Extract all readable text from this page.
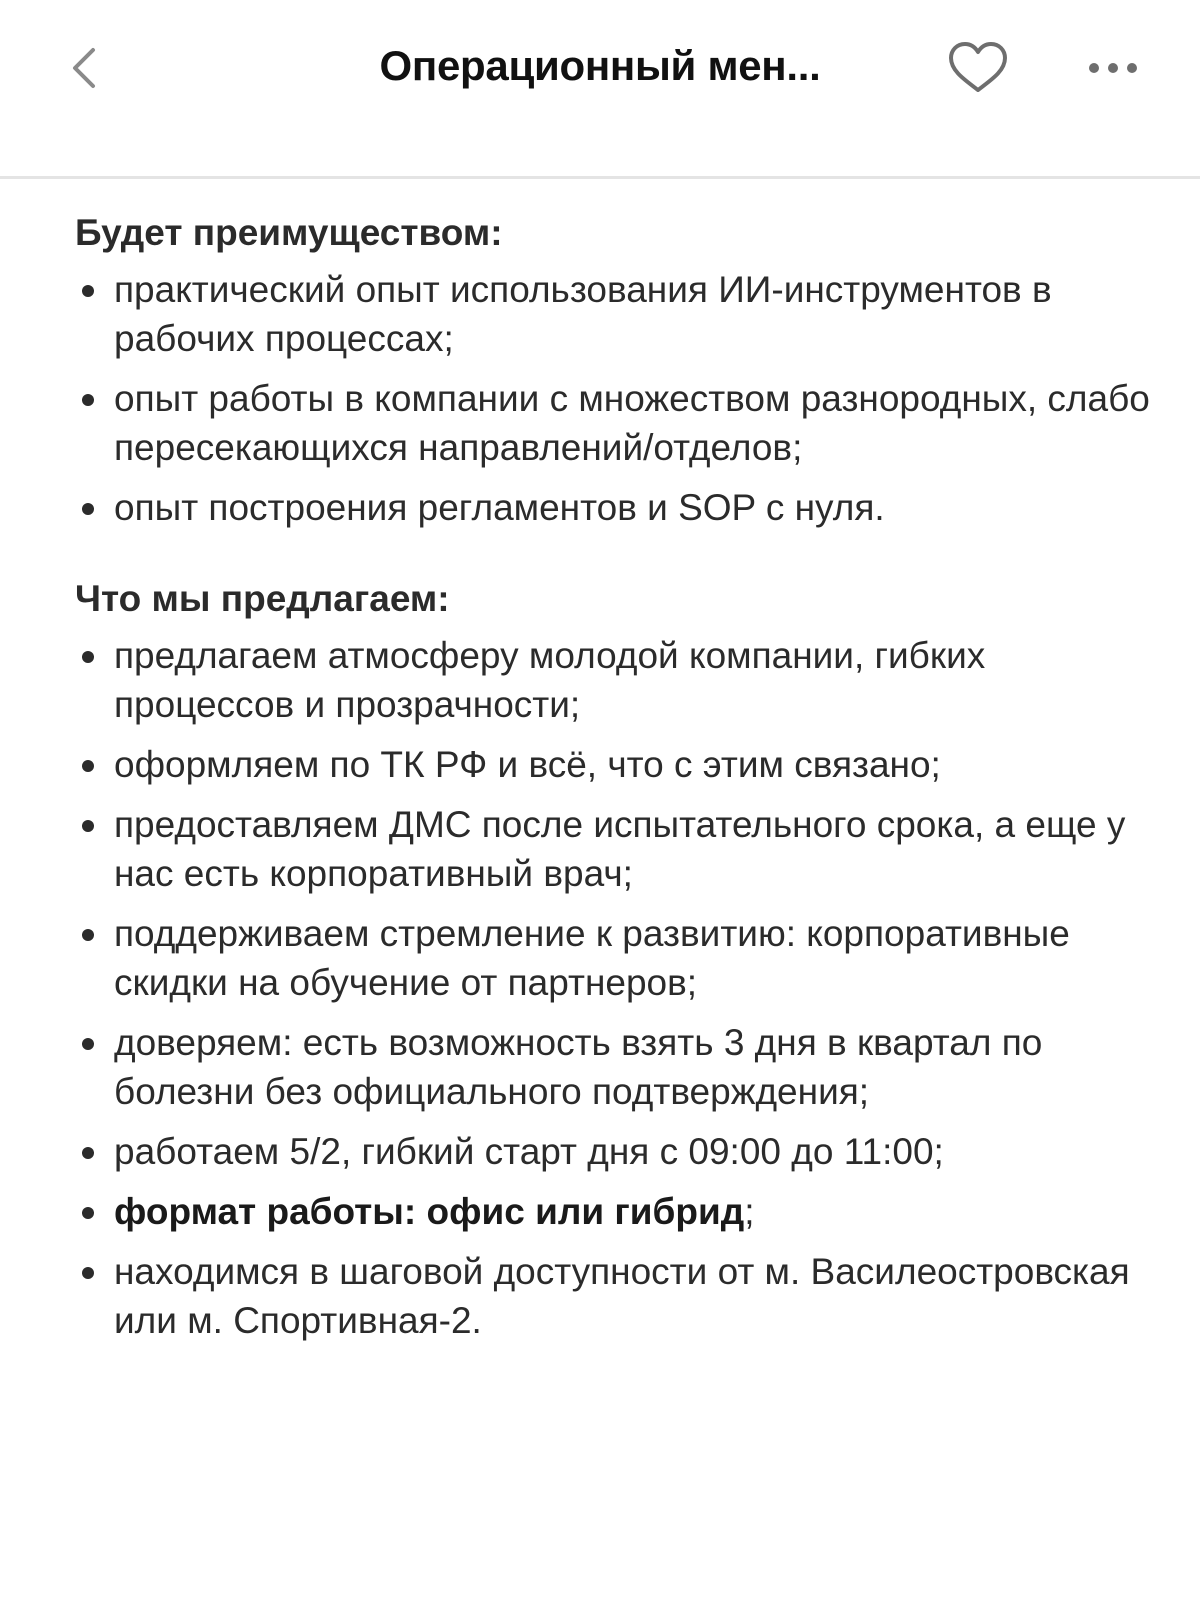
Операционный мен...
Будет преимуществом:
практический опыт использования ИИ-инструментов в рабочих процессах;
опыт работы в компании с множеством разнородных, слабо пересекающихся направлений/отделов;
опыт построения регламентов и SOP с нуля.
Что мы предлагаем:
предлагаем атмосферу молодой компании, гибких процессов и прозрачности;
оформляем по ТК РФ и всё, что с этим связано;
предоставляем ДМС после испытательного срока, а еще у нас есть корпоративный врач;
поддерживаем стремление к развитию: корпоративные скидки на обучение от партнеров;
доверяем: есть возможность взять 3 дня в квартал по болезни без официального подтверждения;
работаем 5/2, гибкий старт дня с 09:00 до 11:00;
формат работы: офис или гибрид;
находимся в шаговой доступности от м. Василеостровская или м. Спортивная-2.
